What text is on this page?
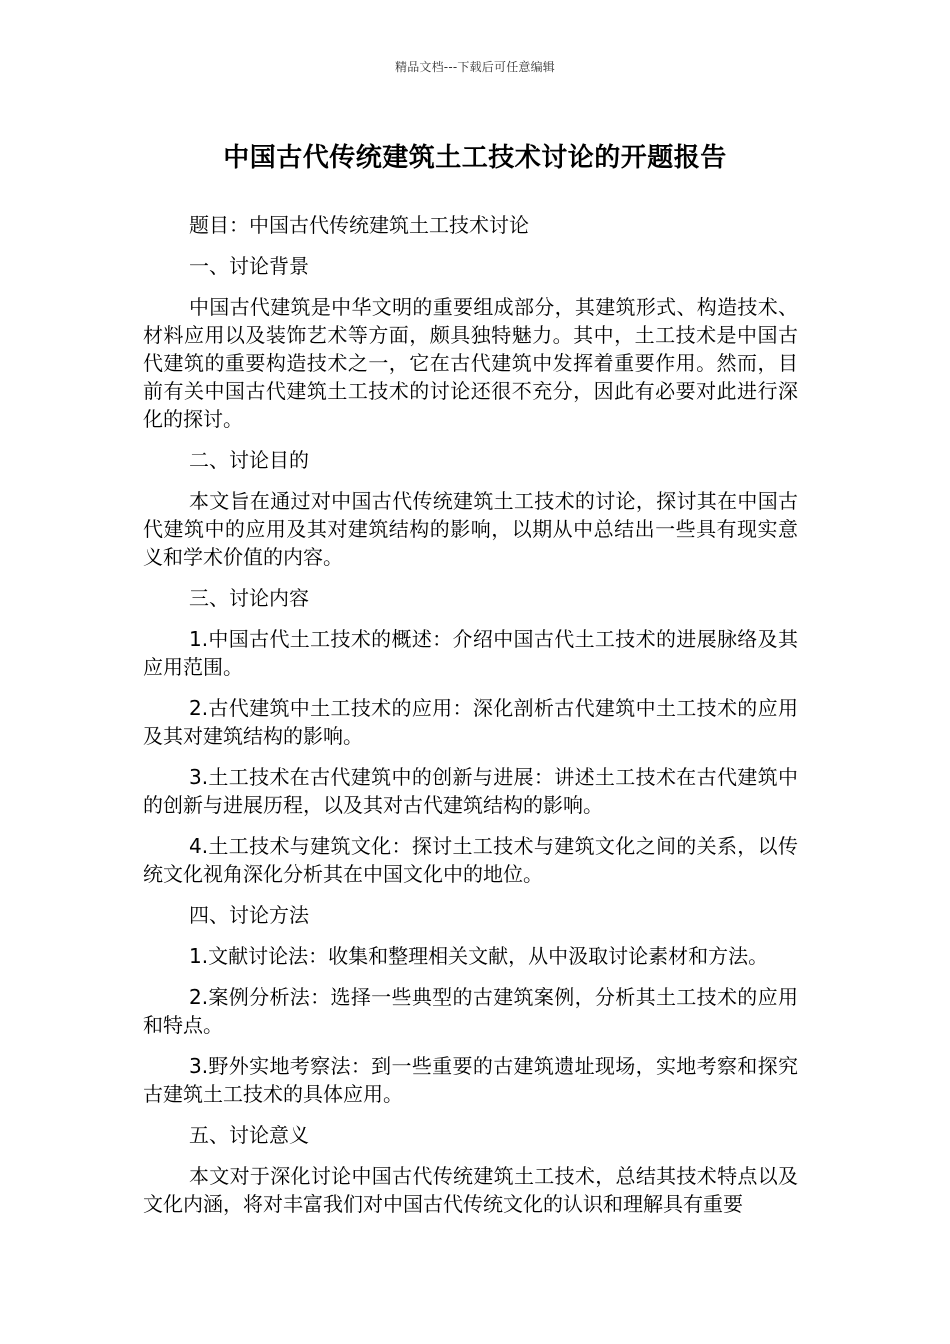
精品文档---下载后可任意编辑
中国古代传统建筑土工技术讨论的开题报告

题目：中国古代传统建筑土工技术讨论

一、讨论背景

中国古代建筑是中华文明的重要组成部分，其建筑形式、构造技术、材料应用以及装饰艺术等方面，颇具独特魅力。其中，土工技术是中国古代建筑的重要构造技术之一，它在古代建筑中发挥着重要作用。然而，目前有关中国古代建筑土工技术的讨论还很不充分，因此有必要对此进行深化的探讨。

二、讨论目的

本文旨在通过对中国古代传统建筑土工技术的讨论，探讨其在中国古代建筑中的应用及其对建筑结构的影响，以期从中总结出一些具有现实意义和学术价值的内容。

三、讨论内容

1.中国古代土工技术的概述：介绍中国古代土工技术的进展脉络及其应用范围。

2.古代建筑中土工技术的应用：深化剖析古代建筑中土工技术的应用及其对建筑结构的影响。

3.土工技术在古代建筑中的创新与进展：讲述土工技术在古代建筑中的创新与进展历程，以及其对古代建筑结构的影响。

4.土工技术与建筑文化：探讨土工技术与建筑文化之间的关系，以传统文化视角深化分析其在中国文化中的地位。

四、讨论方法

1.文献讨论法：收集和整理相关文献，从中汲取讨论素材和方法。

2.案例分析法：选择一些典型的古建筑案例，分析其土工技术的应用和特点。

3.野外实地考察法：到一些重要的古建筑遗址现场，实地考察和探究古建筑土工技术的具体应用。

五、讨论意义

本文对于深化讨论中国古代传统建筑土工技术，总结其技术特点以及文化内涵，将对丰富我们对中国古代传统文化的认识和理解具有重要
